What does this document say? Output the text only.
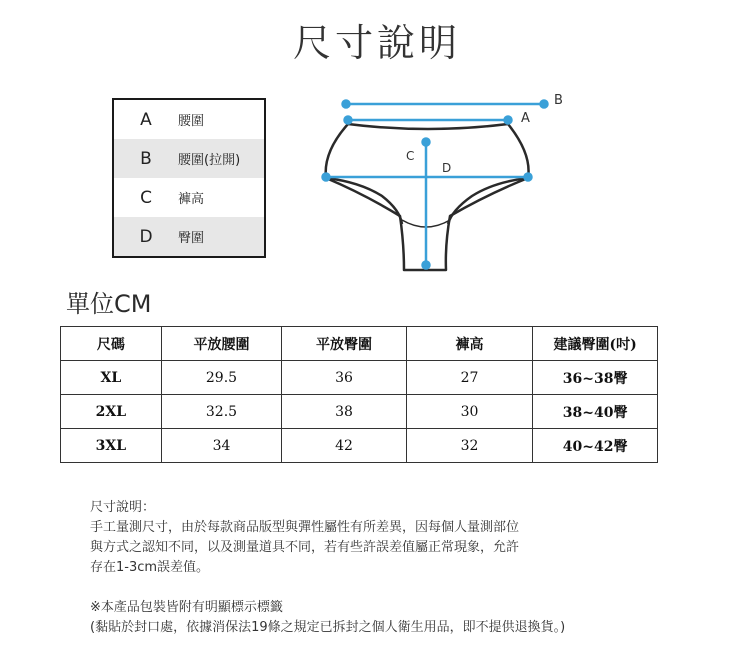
尺寸說明
A	腰圍
B	腰圍(拉開)
C	褲高
D	臀圍
B
A
C
D
單位CM
尺碼	平放腰圍	平放臀圍	褲高	建議臀圍(吋)
XL	29.5	36	27	36~38臀
2XL	32.5	38	30	38~40臀
3XL	34	42	32	40~42臀

尺寸說明：

手工量測尺寸，由於每款商品版型與彈性屬性有所差異，因每個人量測部位

與方式之認知不同，以及測量道具不同，若有些許誤差值屬正常現象，允許

存在1-3cm誤差值。

※本產品包裝皆附有明顯標示標籤

(黏貼於封口處，依據消保法19條之規定已拆封之個人衛生用品，即不提供退換貨。)
